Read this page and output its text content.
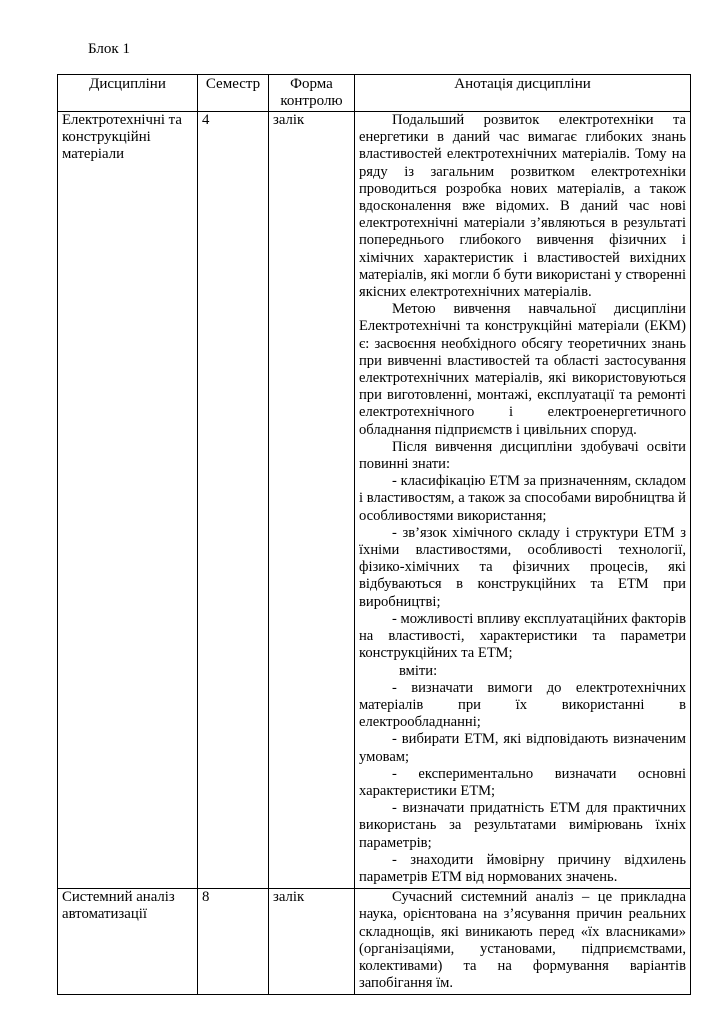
Блок 1
Дисципліни	Семестр	Форма контролю	Анотація дисципліни
Електротехнічні та конструкційні матеріали	4	залік	Подальший розвиток електротехніки та енергетики в даний час вимагає глибоких знань властивостей електротехнічних матеріалів. Тому на ряду із загальним розвитком електротехніки проводиться розробка нових матеріалів, а також вдосконалення вже відомих. В даний час нові електротехнічні матеріали з’являються в результаті попереднього глибокого вивчення фізичних і хімічних характеристик і властивостей вихідних матеріалів, які могли б бути використані у створенні якісних електротехнічних матеріалів.

Метою вивчення навчальної дисципліни Електротехнічні та конструкційні матеріали (ЕКМ) є: засвоєння необхідного обсягу теоретичних знань при вивченні властивостей та області застосування електротехнічних матеріалів, які використовуються при виготовленні, монтажі, експлуатації та ремонті електротехнічного і електроенергетичного обладнання підприємств і цивільних споруд.

Після вивчення дисципліни здобувачі освіти повинні знати:

- класифікацію ЕТМ за призначенням, складом і властивостям, а також за способами виробництва й особливостями використання;

- зв’язок хімічного складу і структури ЕТМ з їхніми властивостями, особливості технології, фізико-хімічних та фізичних процесів, які відбуваються в конструкційних та ЕТМ при виробництві;

- можливості впливу експлуатаційних факторів на властивості, характеристики та параметри конструкційних та ЕТМ;

вміти:

- визначати вимоги до електротехнічних матеріалів при їх використанні в електрообладнанні;

- вибирати ЕТМ, які відповідають визначеним умовам;

- експериментально визначати основні характеристики ЕТМ;

- визначати придатність ЕТМ для практичних використань за результатами вимірювань їхніх параметрів;

- знаходити ймовірну причину відхилень параметрів ЕТМ від нормованих значень.

Системний аналіз автоматизації	8	залік	Сучасний системний аналіз – це прикладна наука, орієнтована на з’ясування причин реальних складнощів, які виникають перед «їх власниками» (організаціями, установами, підприємствами, колективами) та на формування варіантів запобігання їм.
